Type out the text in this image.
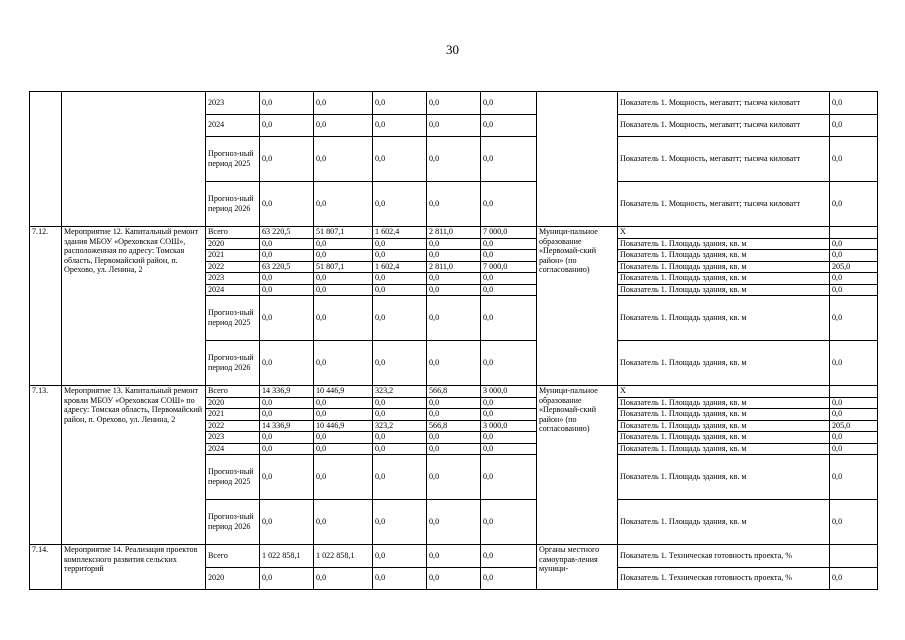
30
		2023	0,0	0,0	0,0	0,0	0,0		Показатель 1. Мощность, мегаватт; тысяча киловатт	0,0
		2024	0,0	0,0	0,0	0,0	0,0		Показатель 1. Мощность, мегаватт; тысяча киловатт	0,0
		Прогноз-ный период 2025	0,0	0,0	0,0	0,0	0,0		Показатель 1. Мощность, мегаватт; тысяча киловатт	0,0
		Прогноз-ный период 2026	0,0	0,0	0,0	0,0	0,0		Показатель 1. Мощность, мегаватт; тысяча киловатт	0,0
7.12.	Мероприятие 12. Капитальный ремонт здания МБОУ «Ореховская СОШ», расположенная по адресу: Томская область, Первомайский район, п. Орехово, ул. Ленина, 2	Всего	63 220,5	51 807,1	1 602,4	2 811,0	7 000,0	Муници-пальное образование «Первомай-ский район» (по согласованию)	Х	
		2020	0,0	0,0	0,0	0,0	0,0		Показатель 1. Площадь здания, кв. м	0,0
		2021	0,0	0,0	0,0	0,0	0,0		Показатель 1. Площадь здания, кв. м	0,0
		2022	63 220,5	51 807,1	1 602,4	2 811,0	7 000,0		Показатель 1. Площадь здания, кв. м	205,0
		2023	0,0	0,0	0,0	0,0	0,0		Показатель 1. Площадь здания, кв. м	0,0
		2024	0,0	0,0	0,0	0,0	0,0		Показатель 1. Площадь здания, кв. м	0,0
		Прогноз-ный период 2025	0,0	0,0	0,0	0,0	0,0		Показатель 1. Площадь здания, кв. м	0,0
		Прогноз-ный период 2026	0,0	0,0	0,0	0,0	0,0		Показатель 1. Площадь здания, кв. м	0,0
7.13.	Мероприятие 13. Капитальный ремонт кровли МБОУ «Ореховская СОШ» по адресу: Томская область, Первомайский район, п. Орехово, ул. Ленина, 2	Всего	14 336,9	10 446,9	323,2	566,8	3 000,0	Муници-пальное образование «Первомай-ский район» (по согласованию)	Х	
		2020	0,0	0,0	0,0	0,0	0,0		Показатель 1. Площадь здания, кв. м	0,0
		2021	0,0	0,0	0,0	0,0	0,0		Показатель 1. Площадь здания, кв. м	0,0
		2022	14 336,9	10 446,9	323,2	566,8	3 000,0		Показатель 1. Площадь здания, кв. м	205,0
		2023	0,0	0,0	0,0	0,0	0,0		Показатель 1. Площадь здания, кв. м	0,0
		2024	0,0	0,0	0,0	0,0	0,0		Показатель 1. Площадь здания, кв. м	0,0
		Прогноз-ный период 2025	0,0	0,0	0,0	0,0	0,0		Показатель 1. Площадь здания, кв. м	0,0
		Прогноз-ный период 2026	0,0	0,0	0,0	0,0	0,0		Показатель 1. Площадь здания, кв. м	0,0
7.14.	Мероприятие 14. Реализация проектов комплексного развития сельских территорий	Всего	1 022 858,1	1 022 858,1	0,0	0,0	0,0	Органы местного самоуправ-ления муници-	Показатель 1. Техническая готовность проекта, %	
		2020	0,0	0,0	0,0	0,0	0,0		Показатель 1. Техническая готовность проекта, %	0,0
